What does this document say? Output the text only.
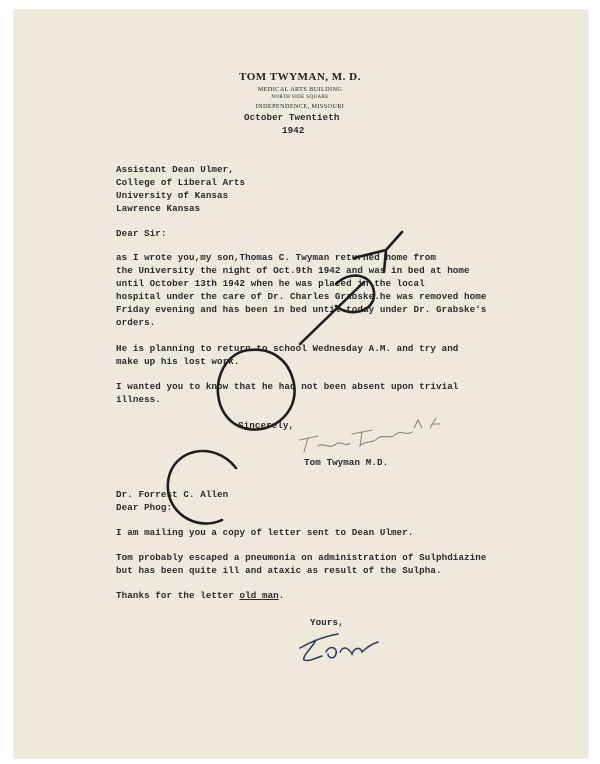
TOM TWYMAN, M. D.
MEDICAL ARTS BUILDING
NORTH SIDE SQUARE
INDEPENDENCE, MISSOURI
October Twentieth
1942
Assistant Dean Ulmer,
College of Liberal Arts
University of Kansas
Lawrence Kansas
Dear Sir:
as I wrote you,my son,Thomas C. Twyman returned home from
the University the night of Oct.9th 1942 and was in bed at home
until October 13th 1942 when he was placed in the local
hospital under the care of Dr. Charles Grabske.he was removed home
Friday evening and has been in bed until today under Dr. Grabske's
orders.
He is planning to return to school Wednesday A.M. and try and
make up his lost work.
I wanted you to know that he had not been absent upon trivial
illness.
Sincerely,
Tom Twyman M.D.
Dr. Forrest C. Allen
Dear Phog:
I am mailing you a copy of letter sent to Dean Ulmer.
Tom probably escaped a pneumonia on administration of Sulphdiazine
but has been quite ill and ataxic as result of the Sulpha.
Thanks for the letter old man.
Yours,
